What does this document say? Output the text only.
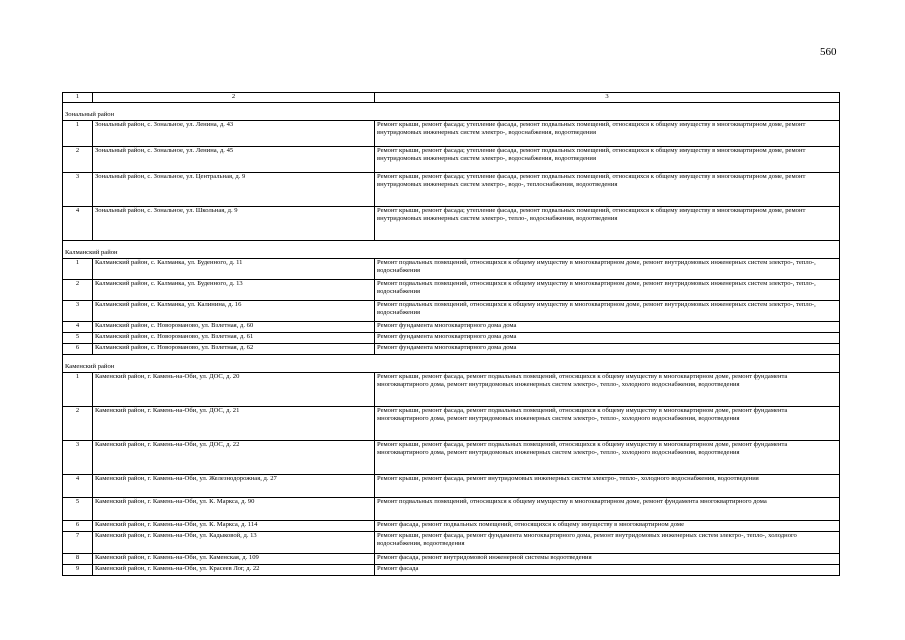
560
1	2	3

Зональный район		
1	Зональный район, с. Зональное, ул. Ленина, д. 43	Ремонт крыши, ремонт фасада; утепление фасада, ремонт подвальных помещений, относящихся к общему имуществу в многоквартирном доме, ремонт внутридомовых инженерных систем электро-, водоснабжения, водоотведения
2	Зональный район, с. Зональное, ул. Ленина, д. 45	Ремонт крыши, ремонт фасада; утепление фасада, ремонт подвальных помещений, относящихся к общему имуществу в многоквартирном доме, ремонт внутридомовых инженерных систем электро-, водоснабжения, водоотведения
3	Зональный район, с. Зональное, ул. Центральная, д. 9	Ремонт крыши, ремонт фасада; утепление фасада, ремонт подвальных помещений, относящихся к общему имуществу в многоквартирном доме, ремонт внутридомовых инженерных систем электро-, водо-, теплоснабжения, водоотведения
4	Зональный район, с. Зональное, ул. Школьная, д. 9	Ремонт крыши, ремонт фасада; утепление фасада, ремонт подвальных помещений, относящихся к общему имуществу в многоквартирном доме, ремонт внутридомовых инженерных систем электро-, тепло-, водоснабжения, водоотведения

Калманский район		
1	Калманский район, с. Калманка, ул. Буденного, д. 11	Ремонт подвальных помещений, относящихся к общему имуществу в многоквартирном доме, ремонт внутридомовых инженерных систем электро-, тепло-, водоснабжения
2	Калманский район, с. Калманка, ул. Буденного, д. 13	Ремонт подвальных помещений, относящихся к общему имуществу в многоквартирном доме, ремонт внутридомовых инженерных систем электро-, тепло-, водоснабжения
3	Калманский район, с. Калманка, ул. Калинина, д. 16	Ремонт подвальных помещений, относящихся к общему имуществу в многоквартирном доме, ремонт внутридомовых инженерных систем электро-, тепло-, водоснабжения
4	Калманский район, с. Новороманово, ул. Взлетная, д. 60	Ремонт фундамента многоквартирного дома дома
5	Калманский район, с. Новороманово, ул. Взлетная, д. 61	Ремонт фундамента многоквартирного дома дома
6	Калманский район, с. Новороманово, ул. Взлетная, д. 62	Ремонт фундамента многоквартирного дома дома

Каменский район		
1	Каменский район, г. Камень-на-Оби, ул. ДОС, д. 20	Ремонт крыши, ремонт фасада, ремонт подвальных помещений, относящихся к общему имуществу в многоквартирном доме, ремонт фундамента многоквартирного дома, ремонт внутридомовых инженерных систем электро-, тепло-, холодного водоснабжения, водоотведения
2	Каменский район, г. Камень-на-Оби, ул. ДОС, д. 21	Ремонт крыши, ремонт фасада, ремонт подвальных помещений, относящихся к общему имуществу в многоквартирном доме, ремонт фундамента многоквартирного дома, ремонт внутридомовых инженерных систем электро-, тепло-, холодного водоснабжения, водоотведения
3	Каменский район, г. Камень-на-Оби, ул. ДОС, д. 22	Ремонт крыши, ремонт фасада, ремонт подвальных помещений, относящихся к общему имуществу в многоквартирном доме, ремонт фундамента многоквартирного дома, ремонт внутридомовых инженерных систем электро-, тепло-, холодного водоснабжения, водоотведения
4	Каменский район, г. Камень-на-Оби, ул. Железнодорожная, д. 27	Ремонт крыши, ремонт фасада, ремонт внутридомовых инженерных систем электро-, тепло-, холодного водоснабжения, водоотведения
5	Каменский район, г. Камень-на-Оби, ул. К. Маркса, д. 90	Ремонт подвальных помещений, относящихся к общему имуществу в многоквартирном доме, ремонт фундамента многоквартирного дома
6	Каменский район, г. Камень-на-Оби, ул. К. Маркса, д. 114	Ремонт фасада, ремонт подвальных помещений, относящихся к общему имуществу в многоквартирном доме
7	Каменский район, г. Камень-на-Оби, ул. Кадыковой, д. 13	Ремонт крыши, ремонт фасада, ремонт фундамента многоквартирного дома, ремонт внутридомовых инженерных систем электро-, тепло-, холодного водоснабжения, водоотведения
8	Каменский район, г. Камень-на-Оби, ул. Каменская, д. 109	Ремонт фасада, ремонт внутридомовой инженерной системы водоотведения
9	Каменский район, г. Камень-на-Оби, ул. Красеев Лог, д. 22	Ремонт фасада
